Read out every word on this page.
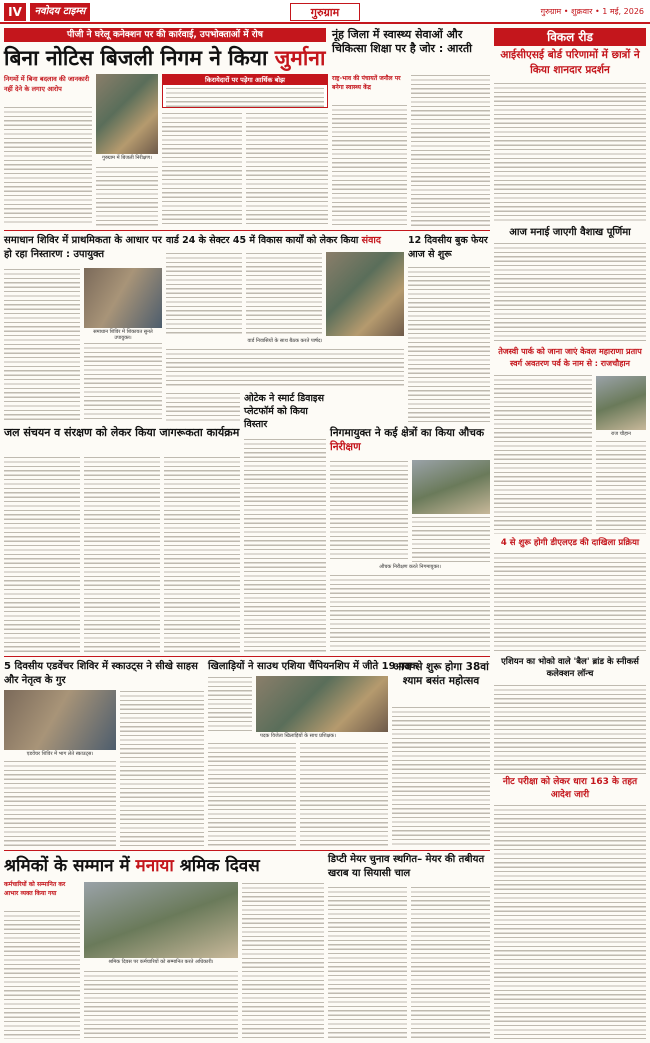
IV	नवोदय टाइम्स	गुरुग्राम	गुरुग्राम • शुक्रवार • 1 मई, 2026
पीजी ने घरेलू कनेक्शन पर की कार्रवाई, उपभोक्ताओं में रोष
बिना नोटिस बिजली निगम ने किया जुर्माना
निगमों में बिना बदलाव की जानकारी नहीं देने के लगाए आरोप
गुरुग्राम में बिजली निरीक्षण।
किरायेदारों पर पड़ेगा आर्थिक बोझ
नूंह जिला में स्वास्थ्य सेवाओं और चिकित्सा शिक्षा पर है जोर : आरती
राष्ट्र-भाव की पंचायतें जनौल पर बनेगा स्वास्थ्य केंद्र
विकल रीड
आईसीएसई बोर्ड परिणामों में छात्रों ने किया शानदार प्रदर्शन
आज मनाई जाएगी वैशाख पूर्णिमा
तेजस्वी पार्क को जाना जाएं केवल महाराणा प्रताप स्वर्ग अवतरण पर्व के नाम से : राजचौहान
राज चौहान
4 से शुरू होगी डीएलएड की दाखिला प्रक्रिया
एशियन का भोको वाले 'बैल' ब्रांड के स्नीकर्स कलेक्शन लॉन्च
नीट परीक्षा को लेकर धारा 163 के तहत आदेश जारी
समाधान शिविर में प्राथमिकता के आधार पर हो रहा निस्तारण : उपायुक्त
समाधान शिविर में शिकायत सुनते उपायुक्त।
वार्ड 24 के सेक्टर 45 में विकास कार्यों को लेकर किया संवाद
वार्ड निवासियों के साथ बैठक करते पार्षद।
12 दिवसीय बुक फेयर आज से शुरू
जल संचयन व संरक्षण को लेकर किया जागरूकता कार्यक्रम
ओटेक ने स्मार्ट डिवाइस प्लेटफॉर्म को किया विस्तार
निगमायुक्त ने कई क्षेत्रों का किया औचक निरीक्षण
औचक निरीक्षण करते निगमायुक्त।
5 दिवसीय एडवेंचर शिविर में स्काउट्स ने सीखे साहस और नेतृत्व के गुर
एडवेंचर शिविर में भाग लेते स्काउट्स।
खिलाड़ियों ने साउथ एशिया चैंपियनशिप में जीते 19 पदक
पदक विजेता खिलाड़ियों के साथ प्रशिक्षक।
आज से शुरू होगा 38वां श्याम बसंत महोत्सव
श्रमिकों के सम्मान में मनाया श्रमिक दिवस
कर्मचारियों को सम्मानित कर आभार व्यक्त किया गया
श्रमिक दिवस पर कर्मचारियों को सम्मानित करते अधिकारी।
डिप्टी मेयर चुनाव स्थगित– मेयर की तबीयत खराब या सियासी चाल
